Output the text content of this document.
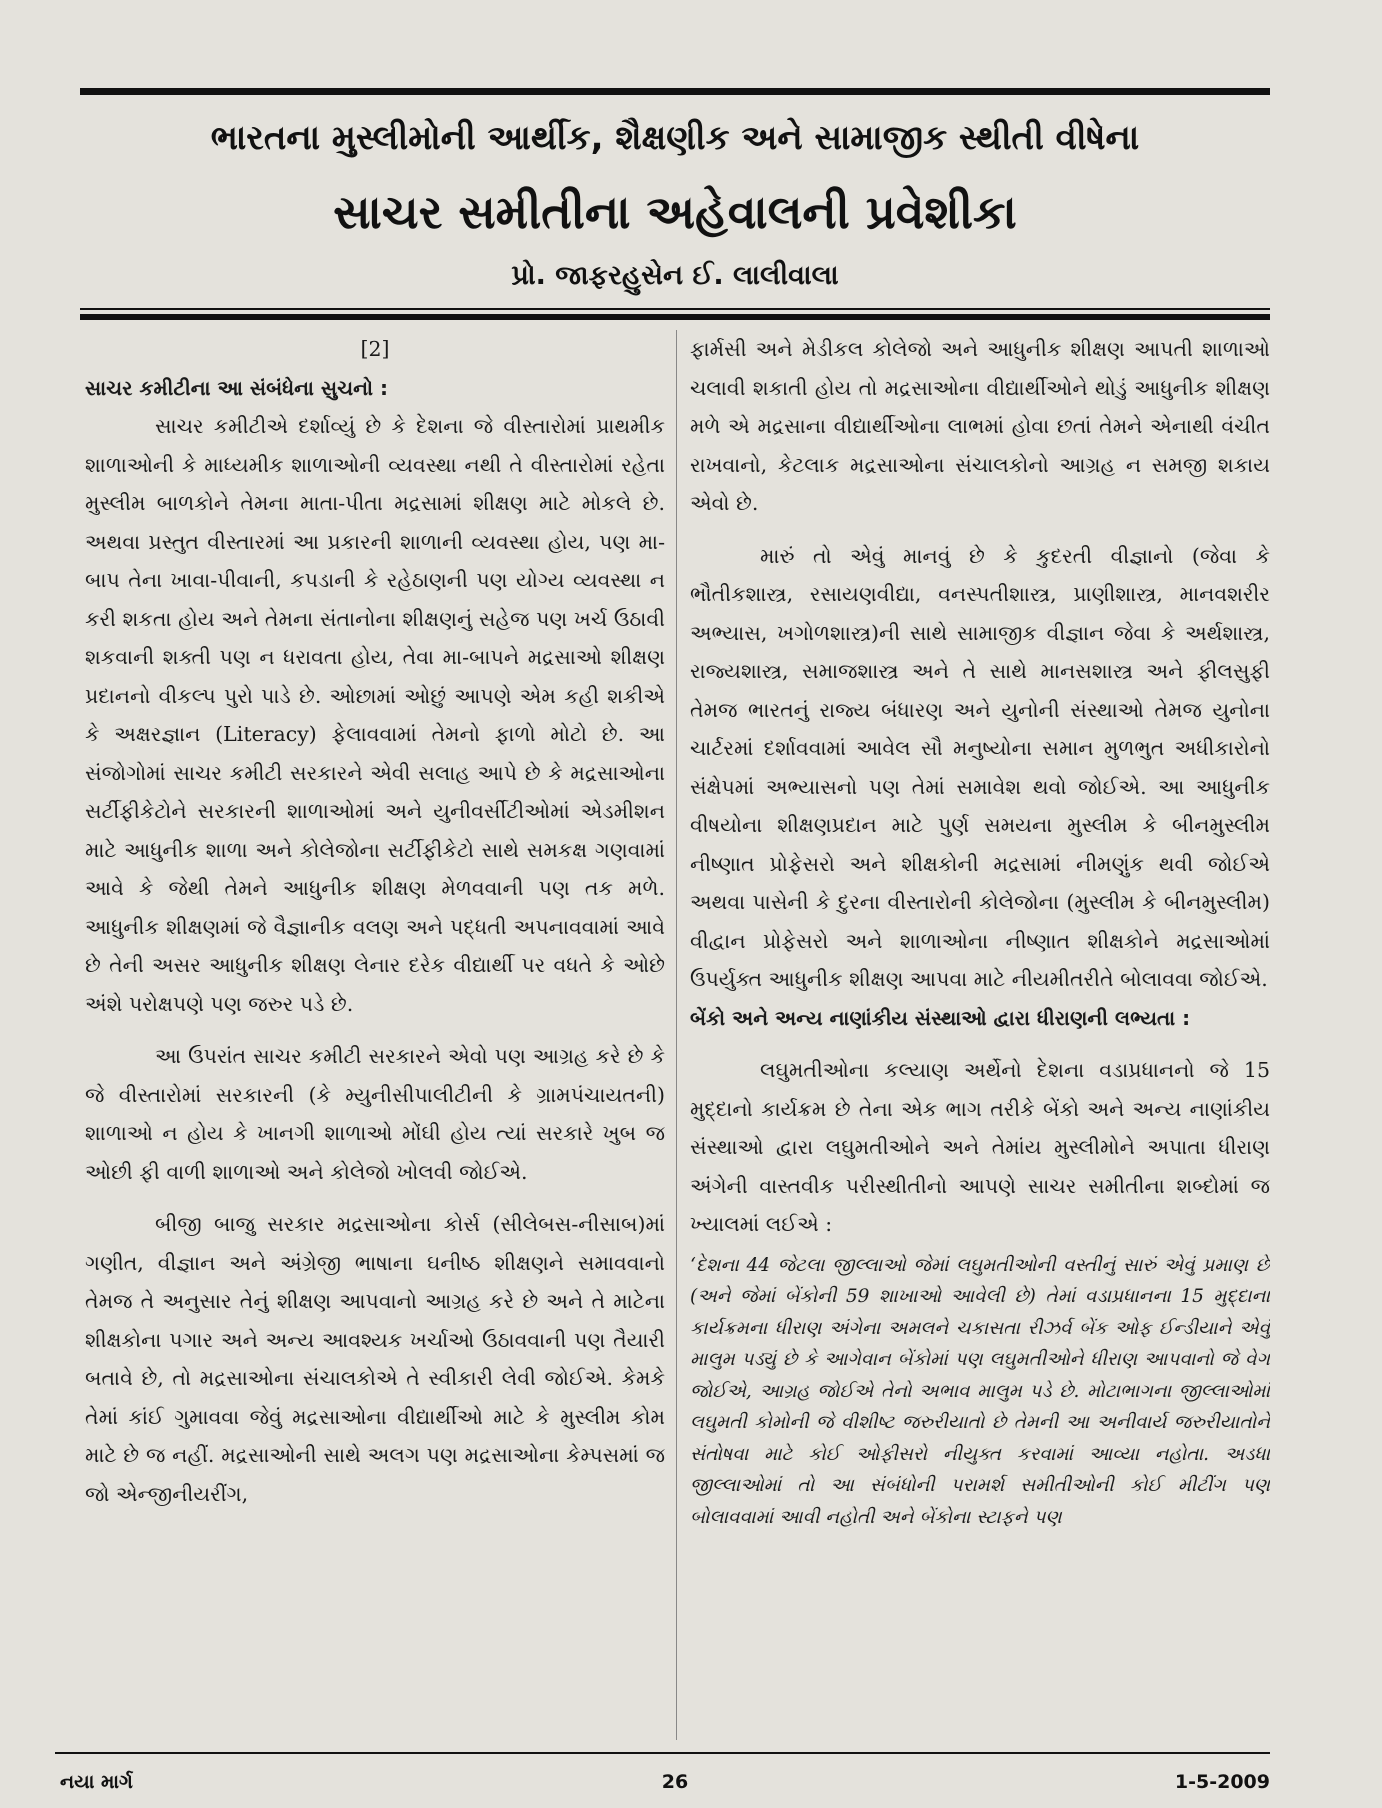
ભારતના મુસ્લીમોની આર્થીક, શૈક્ષણીક અને સામાજીક સ્થીતી વીષેના
સાચર સમીતીના અહેવાલની પ્રવેશીકા
પ્રો. જાફરહુસેન ઈ. લાલીવાલા

[2]

સાચર કમીટીના આ સંબંધેના સુચનો :

સાચર કમીટીએ દર્શાવ્યું છે કે દેશના જે વીસ્તારોમાં પ્રાથમીક શાળાઓની કે માધ્યમીક શાળાઓની વ્યવસ્થા નથી તે વીસ્તારોમાં રહેતા મુસ્લીમ બાળકોને તેમના માતા-પીતા મદ્રસામાં શીક્ષણ માટે મોકલે છે. અથવા પ્રસ્તુત વીસ્તારમાં આ પ્રકારની શાળાની વ્યવસ્થા હોય, પણ મા-બાપ તેના ખાવા-પીવાની, કપડાની કે રહેઠાણની પણ યોગ્ય વ્યવસ્થા ન કરી શકતા હોય અને તેમના સંતાનોના શીક્ષણનું સહેજ પણ ખર્ચ ઉઠાવી શકવાની શક્તી પણ ન ધરાવતા હોય, તેવા મા-બાપને મદ્રસાઓ શીક્ષણ પ્રદાનનો વીકલ્પ પુરો પાડે છે. ઓછામાં ઓછું આપણે એમ કહી શકીએ કે અક્ષરજ્ઞાન (Literacy) ફેલાવવામાં તેમનો ફાળો મોટો છે. આ સંજોગોમાં સાચર કમીટી સરકારને એવી સલાહ આપે છે કે મદ્રસાઓના સર્ટીફીકેટોને સરકારની શાળાઓમાં અને યુનીવર્સીટીઓમાં એડમીશન માટે આધુનીક શાળા અને કોલેજોના સર્ટીફીકેટો સાથે સમકક્ષ ગણવામાં આવે કે જેથી તેમને આધુનીક શીક્ષણ મેળવવાની પણ તક મળે. આધુનીક શીક્ષણમાં જે વૈજ્ઞાનીક વલણ અને પદ્ધતી અપનાવવામાં આવે છે તેની અસર આધુનીક શીક્ષણ લેનાર દરેક વીદ્યાર્થી પર વધતે કે ઓછે અંશે પરોક્ષપણે પણ જરુર પડે છે.

આ ઉપરાંત સાચર કમીટી સરકારને એવો પણ આગ્રહ કરે છે કે જે વીસ્તારોમાં સરકારની (કે મ્યુનીસીપાલીટીની કે ગ્રામપંચાયતની) શાળાઓ ન હોય કે ખાનગી શાળાઓ મોંઘી હોય ત્યાં સરકારે ખુબ જ ઓછી ફી વાળી શાળાઓ અને કોલેજો ખોલવી જોઈએ.

બીજી બાજુ સરકાર મદ્રસાઓના કોર્સ (સીલેબસ-નીસાબ)માં ગણીત, વીજ્ઞાન અને અંગ્રેજી ભાષાના ઘનીષ્ઠ શીક્ષણને સમાવવાનો તેમજ તે અનુસાર તેનું શીક્ષણ આપવાનો આગ્રહ કરે છે અને તે માટેના શીક્ષકોના પગાર અને અન્ય આવશ્યક ખર્ચાઓ ઉઠાવવાની પણ તૈયારી બતાવે છે, તો મદ્રસાઓના સંચાલકોએ તે સ્વીકારી લેવી જોઈએ. કેમકે તેમાં કાંઈ ગુમાવવા જેવું મદ્રસાઓના વીદ્યાર્થીઓ માટે કે મુસ્લીમ કોમ માટે છે જ નહીં. મદ્રસાઓની સાથે અલગ પણ મદ્રસાઓના કેમ્પસમાં જ જો એન્જીનીયરીંગ,

ફાર્મસી અને મેડીકલ કોલેજો અને આધુનીક શીક્ષણ આપતી શાળાઓ ચલાવી શકાતી હોય તો મદ્રસાઓના વીદ્યાર્થીઓને થોડું આધુનીક શીક્ષણ મળે એ મદ્રસાના વીદ્યાર્થીઓના લાભમાં હોવા છતાં તેમને એનાથી વંચીત રાખવાનો, કેટલાક મદ્રસાઓના સંચાલકોનો આગ્રહ ન સમજી શકાય એવો છે.

મારું તો એવું માનવું છે કે કુદરતી વીજ્ઞાનો (જેવા કે ભૌતીકશાસ્ત્ર, રસાયણવીદ્યા, વનસ્પતીશાસ્ત્ર, પ્રાણીશાસ્ત્ર, માનવશરીર અભ્યાસ, ખગોળશાસ્ત્ર)ની સાથે સામાજીક વીજ્ઞાન જેવા કે અર્થશાસ્ત્ર, રાજ્યશાસ્ત્ર, સમાજશાસ્ત્ર અને તે સાથે માનસશાસ્ત્ર અને ફીલસુફી તેમજ ભારતનું રાજ્ય બંધારણ અને યુનોની સંસ્થાઓ તેમજ યુનોના ચાર્ટરમાં દર્શાવવામાં આવેલ સૌ મનુષ્યોના સમાન મુળભુત અધીકારોનો સંક્ષેપમાં અભ્યાસનો પણ તેમાં સમાવેશ થવો જોઈએ. આ આધુનીક વીષયોના શીક્ષણપ્રદાન માટે પુર્ણ સમયના મુસ્લીમ કે બીનમુસ્લીમ નીષ્ણાત પ્રોફેસરો અને શીક્ષકોની મદ્રસામાં નીમણુંક થવી જોઈએ અથવા પાસેની કે દુરના વીસ્તારોની કોલેજોના (મુસ્લીમ કે બીનમુસ્લીમ) વીદ્વાન પ્રોફેસરો અને શાળાઓના નીષ્ણાત શીક્ષકોને મદ્રસાઓમાં ઉપર્યુક્ત આધુનીક શીક્ષણ આપવા માટે નીયમીતરીતે બોલાવવા જોઈએ.

બેંકો અને અન્ય નાણાંકીય સંસ્થાઓ દ્વારા ધીરાણની લભ્યતા :

લઘુમતીઓના કલ્યાણ અર્થેનો દેશના વડાપ્રધાનનો જે 15 મુદ્દાનો કાર્યક્રમ છે તેના એક ભાગ તરીકે બેંકો અને અન્ય નાણાંકીય સંસ્થાઓ દ્વારા લઘુમતીઓને અને તેમાંય મુસ્લીમોને અપાતા ધીરાણ અંગેની વાસ્તવીક પરીસ્થીતીનો આપણે સાચર સમીતીના શબ્દોમાં જ ખ્યાલમાં લઈએ :

‘દેશના 44 જેટલા જીલ્લાઓ જેમાં લઘુમતીઓની વસ્તીનું સારું એવું પ્રમાણ છે (અને જેમાં બેંકોની 59 શાખાઓ આવેલી છે) તેમાં વડાપ્રધાનના 15 મુદ્દાના કાર્યક્રમના ધીરાણ અંગેના અમલને ચકાસતા રીઝર્વ બેંક ઓફ ઈન્ડીયાને એવું માલુમ પડ્યું છે કે આગેવાન બેંકોમાં પણ લઘુમતીઓને ધીરાણ આપવાનો જે વેગ જોઈએ, આગ્રહ જોઈએ તેનો અભાવ માલુમ પડે છે. મોટાભાગના જીલ્લાઓમાં લઘુમતી કોમોની જે વીશીષ્ટ જરુરીયાતો છે તેમની આ અનીવાર્ય જરુરીયાતોને સંતોષવા માટે કોઈ ઓફીસરો નીયુક્ત કરવામાં આવ્યા નહોતા. અડધા જીલ્લાઓમાં તો આ સંબંધોની પરામર્શ સમીતીઓની કોઈ મીટીંગ પણ બોલાવવામાં આવી નહોતી અને બેંકોના સ્ટાફને પણ

નયા માર્ગ	26	1-5-2009
